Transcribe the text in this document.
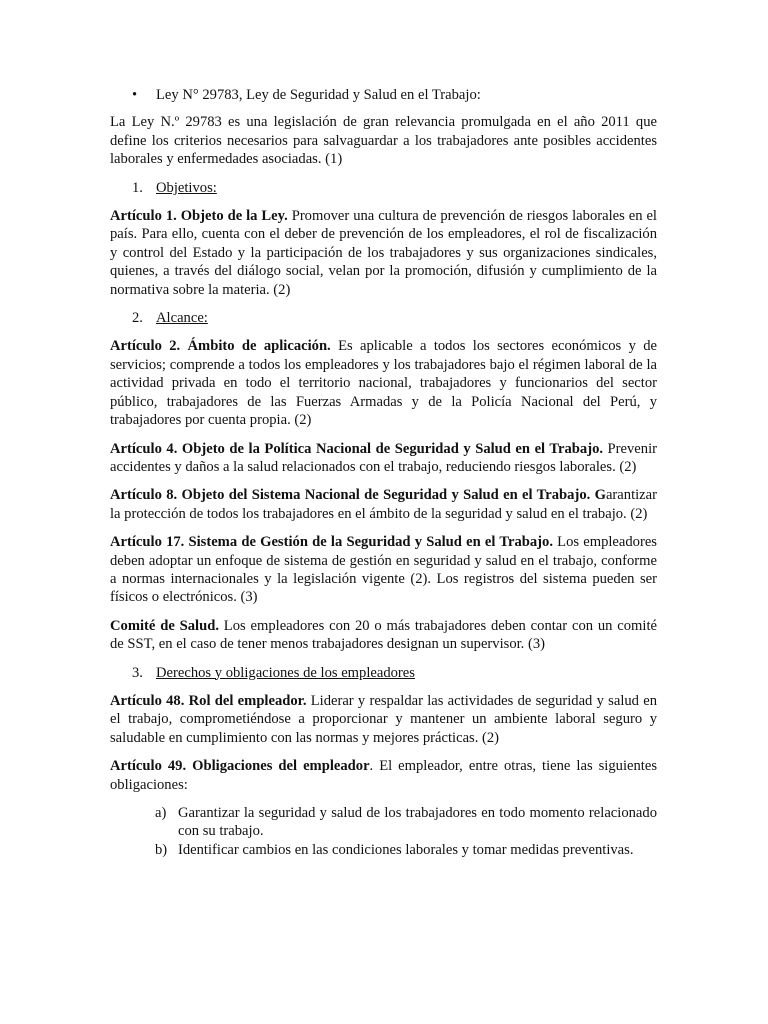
• Ley N° 29783, Ley de Seguridad y Salud en el Trabajo:

La Ley N.º 29783 es una legislación de gran relevancia promulgada en el año 2011 que define los criterios necesarios para salvaguardar a los trabajadores ante posibles accidentes laborales y enfermedades asociadas. (1)

1. Objetivos:

Artículo 1. Objeto de la Ley. Promover una cultura de prevención de riesgos laborales en el país. Para ello, cuenta con el deber de prevención de los empleadores, el rol de fiscalización y control del Estado y la participación de los trabajadores y sus organizaciones sindicales, quienes, a través del diálogo social, velan por la promoción, difusión y cumplimiento de la normativa sobre la materia. (2)

2. Alcance:

Artículo 2. Ámbito de aplicación. Es aplicable a todos los sectores económicos y de servicios; comprende a todos los empleadores y los trabajadores bajo el régimen laboral de la actividad privada en todo el territorio nacional, trabajadores y funcionarios del sector público, trabajadores de las Fuerzas Armadas y de la Policía Nacional del Perú, y trabajadores por cuenta propia. (2)

Artículo 4. Objeto de la Política Nacional de Seguridad y Salud en el Trabajo. Prevenir accidentes y daños a la salud relacionados con el trabajo, reduciendo riesgos laborales. (2)

Artículo 8. Objeto del Sistema Nacional de Seguridad y Salud en el Trabajo. Garantizar la protección de todos los trabajadores en el ámbito de la seguridad y salud en el trabajo. (2)

Artículo 17. Sistema de Gestión de la Seguridad y Salud en el Trabajo. Los empleadores deben adoptar un enfoque de sistema de gestión en seguridad y salud en el trabajo, conforme a normas internacionales y la legislación vigente (2). Los registros del sistema pueden ser físicos o electrónicos. (3)

Comité de Salud. Los empleadores con 20 o más trabajadores deben contar con un comité de SST, en el caso de tener menos trabajadores designan un supervisor. (3)

3. Derechos y obligaciones de los empleadores

Artículo 48. Rol del empleador. Liderar y respaldar las actividades de seguridad y salud en el trabajo, comprometiéndose a proporcionar y mantener un ambiente laboral seguro y saludable en cumplimiento con las normas y mejores prácticas. (2)

Artículo 49. Obligaciones del empleador. El empleador, entre otras, tiene las siguientes obligaciones:

a) Garantizar la seguridad y salud de los trabajadores en todo momento relacionado con su trabajo.

b) Identificar cambios en las condiciones laborales y tomar medidas preventivas.
